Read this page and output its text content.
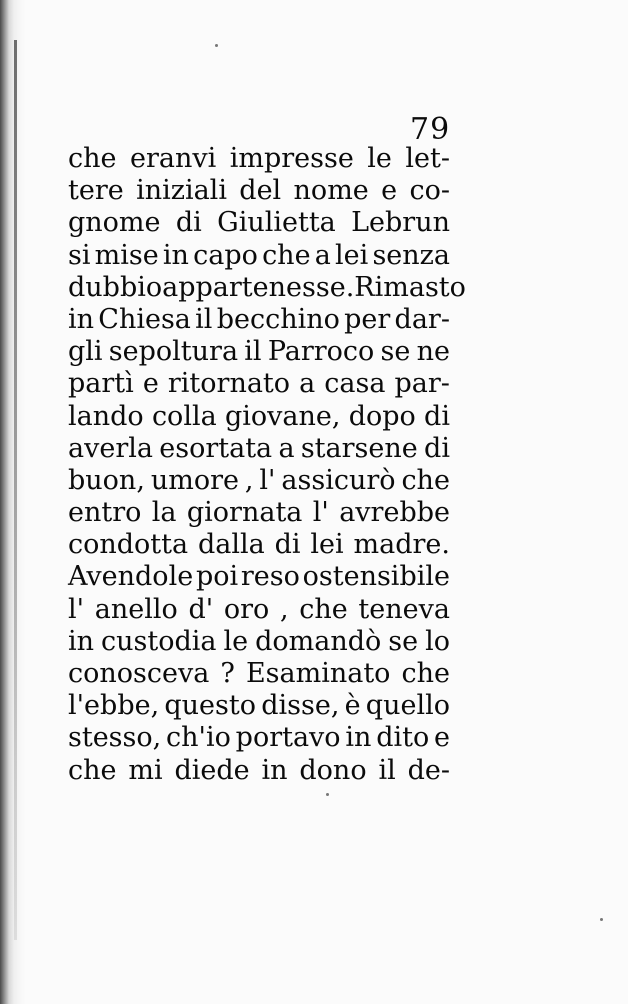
79
che eranvi impresse le let-
tere iniziali del nome e co-
gnome di Giulietta Lebrun
si mise in capo che a lei senza
dubbio appartenesse. Rimasto
in Chiesa il becchino per dar-
gli sepoltura il Parroco se ne
partì e ritornato a casa par-
lando colla giovane, dopo di
averla esortata a starsene di
buon, umore , l' assicurò che
entro la giornata l' avrebbe
condotta dalla di lei madre.
Avendole poi reso ostensibile
l' anello d' oro , che teneva
in custodia le domandò se lo
conosceva ? Esaminato che
l'ebbe, questo disse, è quello
stesso, ch'io portavo in dito e
che mi diede in dono il de-
